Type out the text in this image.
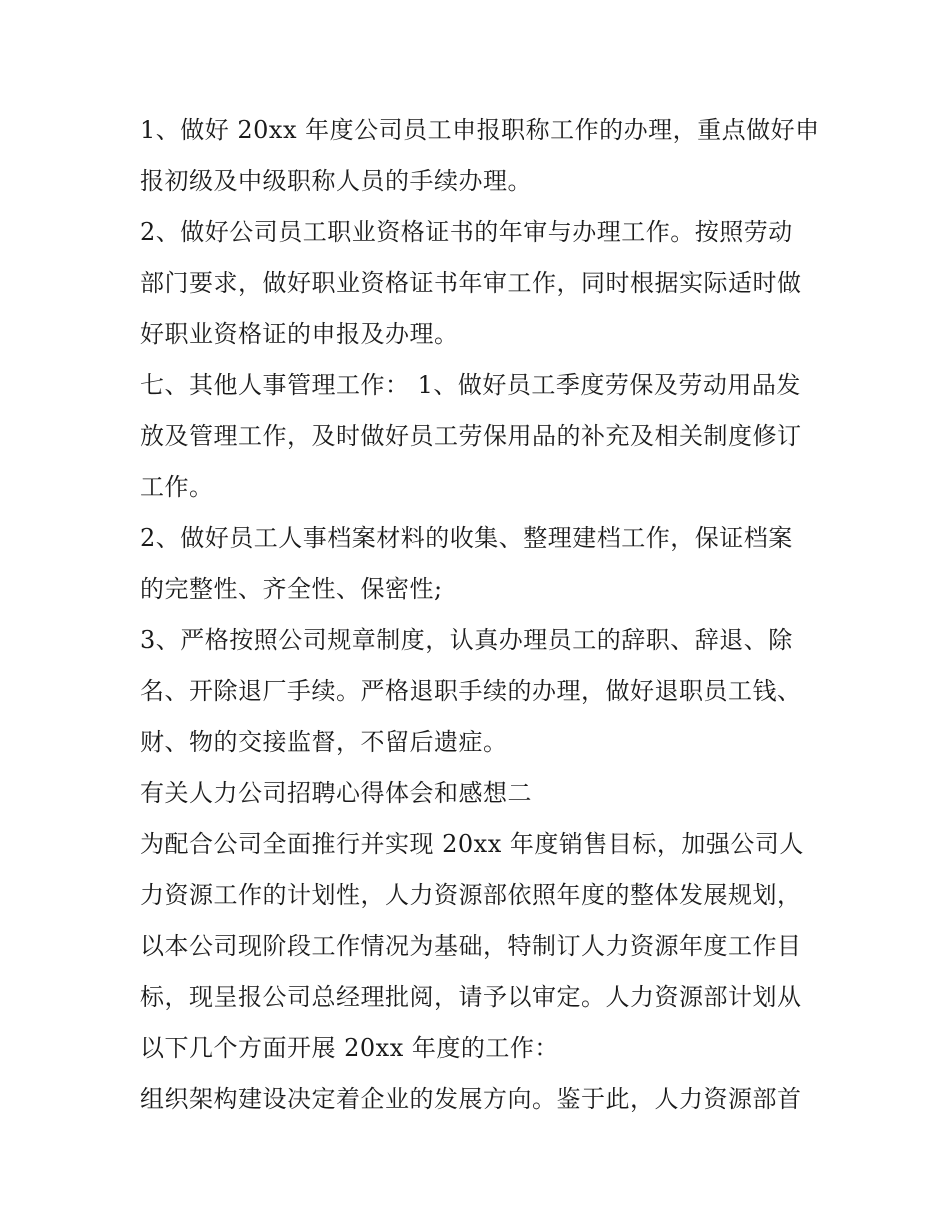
1、做好 20xx 年度公司员工申报职称工作的办理，重点做好申

报初级及中级职称人员的手续办理。

2、做好公司员工职业资格证书的年审与办理工作。按照劳动

部门要求，做好职业资格证书年审工作，同时根据实际适时做

好职业资格证的申报及办理。

七、其他人事管理工作： 1、做好员工季度劳保及劳动用品发

放及管理工作，及时做好员工劳保用品的补充及相关制度修订

工作。

2、做好员工人事档案材料的收集、整理建档工作，保证档案

的完整性、齐全性、保密性;

3、严格按照公司规章制度，认真办理员工的辞职、辞退、除

名、开除退厂手续。严格退职手续的办理，做好退职员工钱、

财、物的交接监督，不留后遗症。

有关人力公司招聘心得体会和感想二

为配合公司全面推行并实现 20xx 年度销售目标，加强公司人

力资源工作的计划性，人力资源部依照年度的整体发展规划，

以本公司现阶段工作情况为基础，特制订人力资源年度工作目

标，现呈报公司总经理批阅，请予以审定。人力资源部计划从

以下几个方面开展 20xx 年度的工作：

组织架构建设决定着企业的发展方向。鉴于此，人力资源部首
